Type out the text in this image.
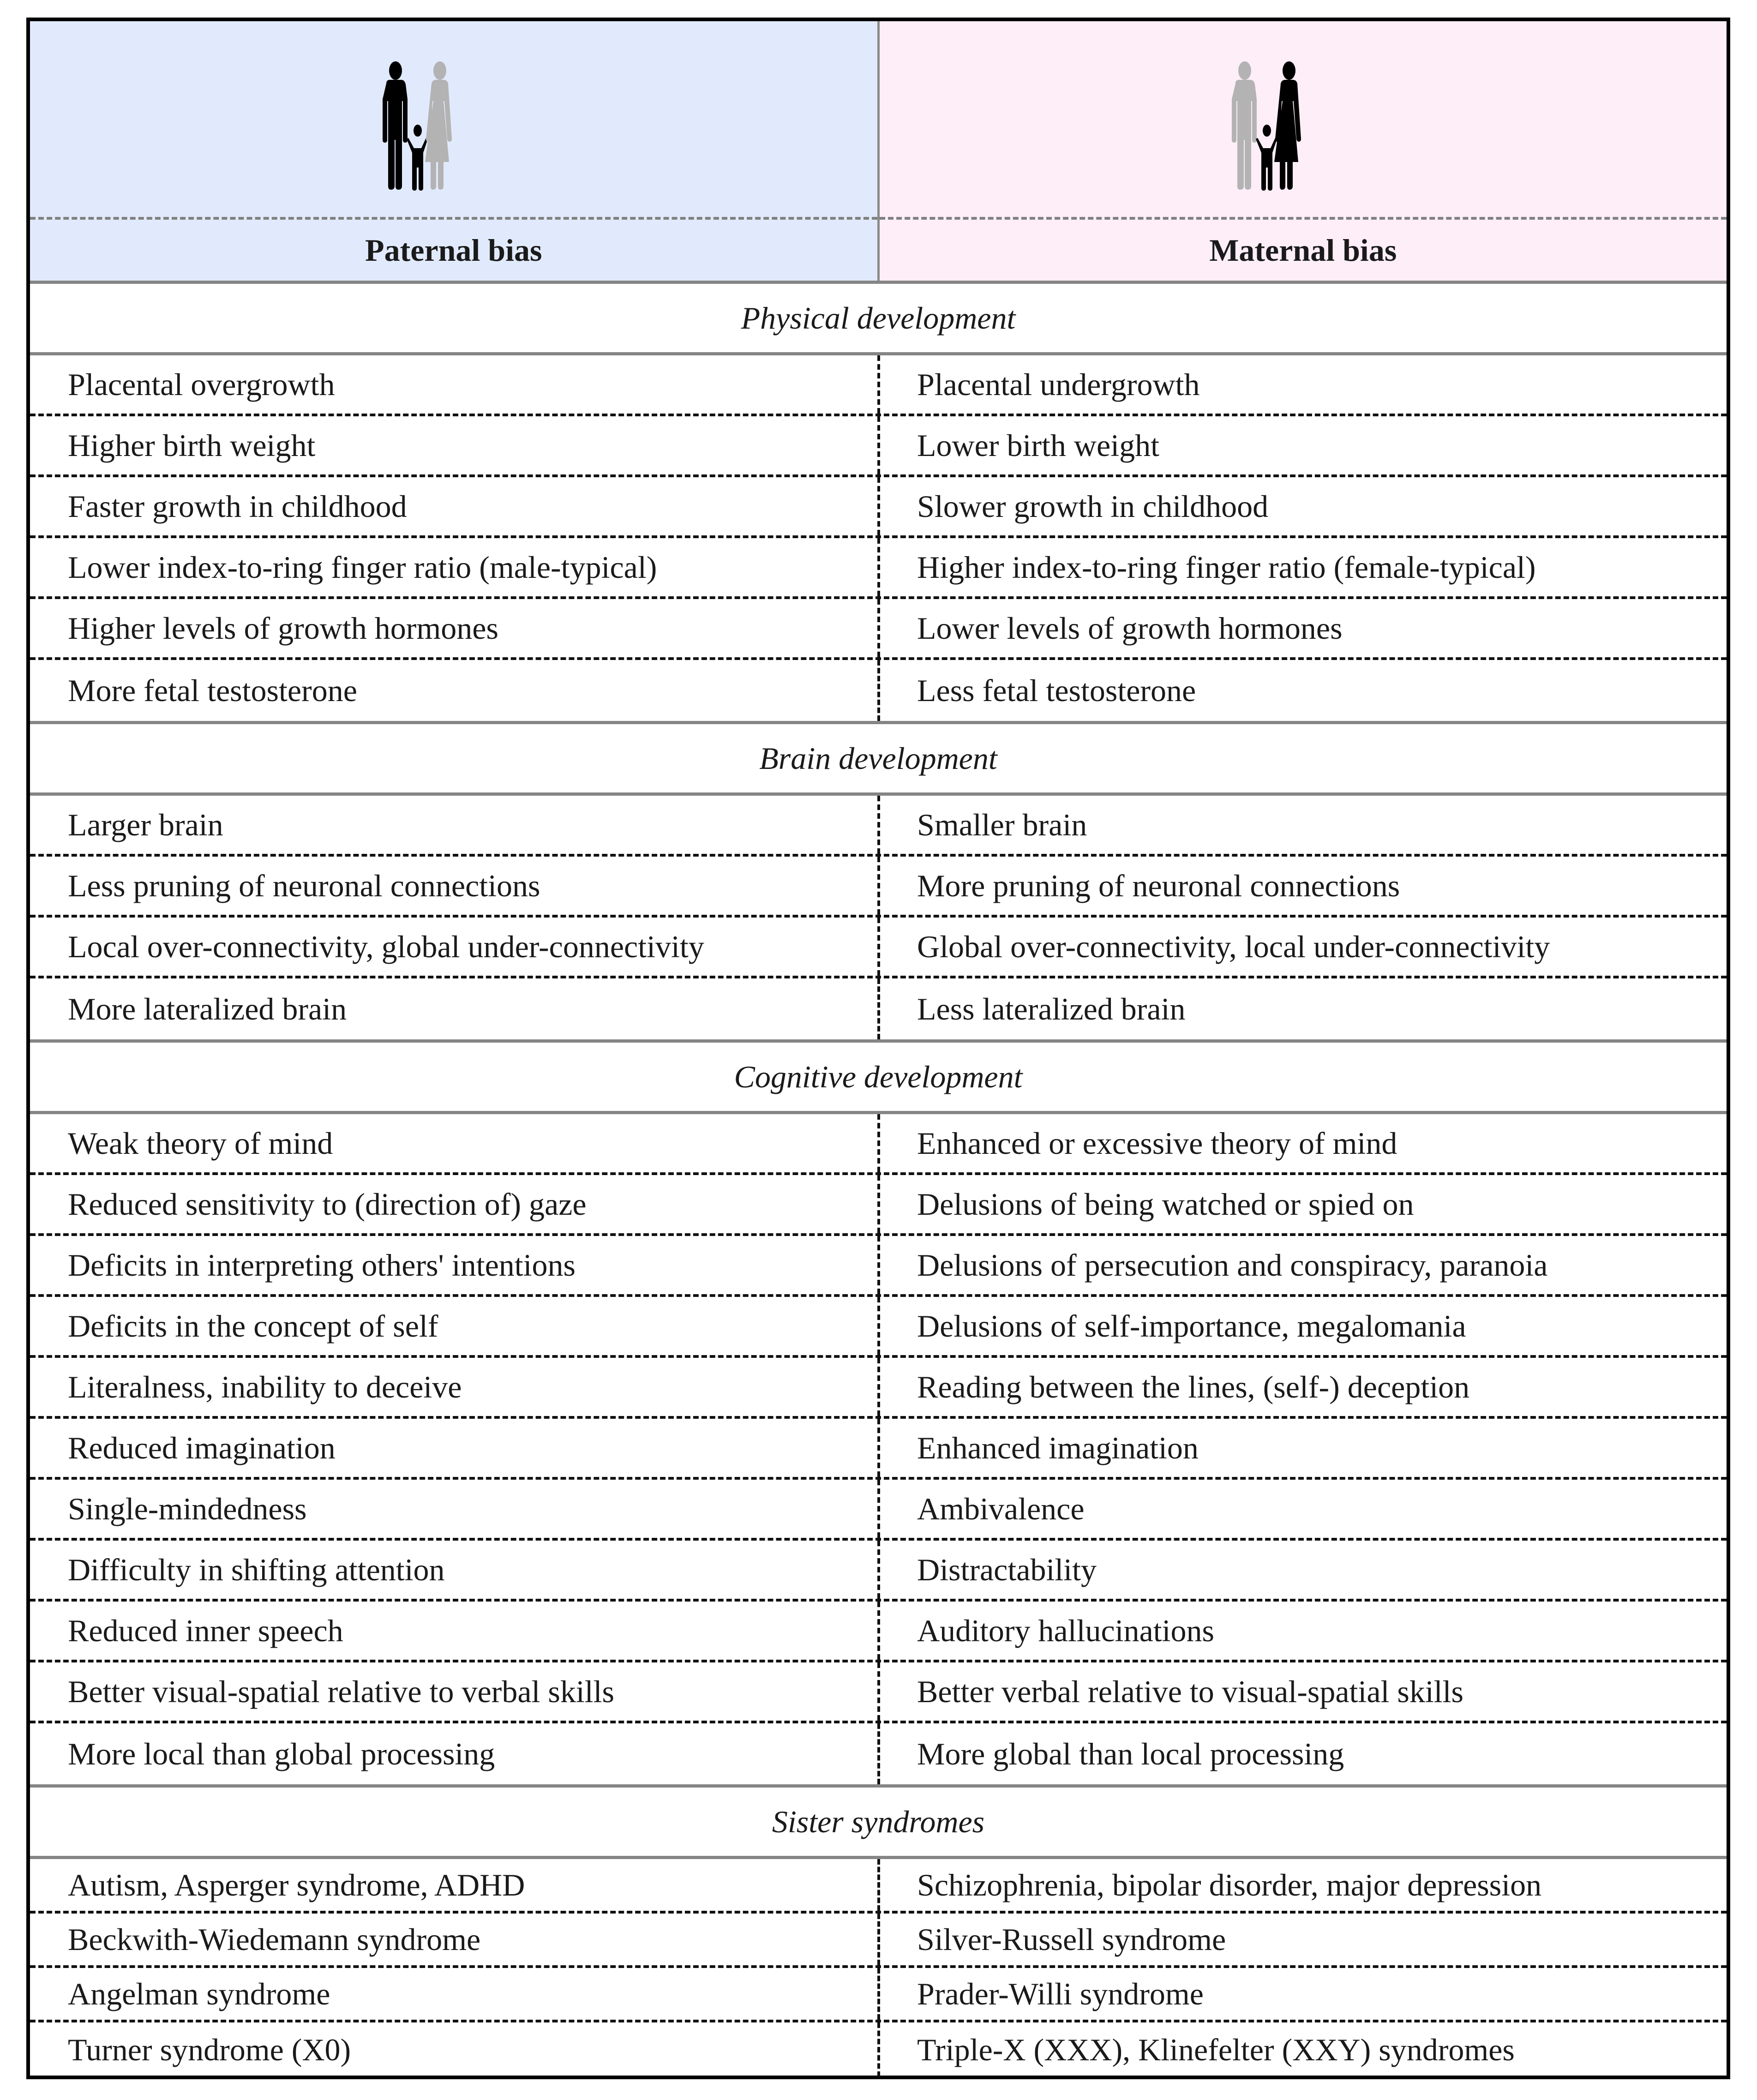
Paternal bias	Maternal bias
Physical development
Placental overgrowth	Placental undergrowth
Higher birth weight	Lower birth weight
Faster growth in childhood	Slower growth in childhood
Lower index-to-ring finger ratio (male-typical)	Higher index-to-ring finger ratio (female-typical)
Higher levels of growth hormones	Lower levels of growth hormones
More fetal testosterone	Less fetal testosterone
Brain development
Larger brain	Smaller brain
Less pruning of neuronal connections	More pruning of neuronal connections
Local over-connectivity, global under-connectivity	Global over-connectivity, local under-connectivity
More lateralized brain	Less lateralized brain
Cognitive development
Weak theory of mind	Enhanced or excessive theory of mind
Reduced sensitivity to (direction of) gaze	Delusions of being watched or spied on
Deficits in interpreting others' intentions	Delusions of persecution and conspiracy, paranoia
Deficits in the concept of self	Delusions of self-importance, megalomania
Literalness, inability to deceive	Reading between the lines, (self-) deception
Reduced imagination	Enhanced imagination
Single-mindedness	Ambivalence
Difficulty in shifting attention	Distractability
Reduced inner speech	Auditory hallucinations
Better visual-spatial relative to verbal skills	Better verbal relative to visual-spatial skills
More local than global processing	More global than local processing
Sister syndromes
Autism, Asperger syndrome, ADHD	Schizophrenia, bipolar disorder, major depression
Beckwith-Wiedemann syndrome	Silver-Russell syndrome
Angelman syndrome	Prader-Willi syndrome
Turner syndrome (X0)	Triple-X (XXX), Klinefelter (XXY) syndromes
